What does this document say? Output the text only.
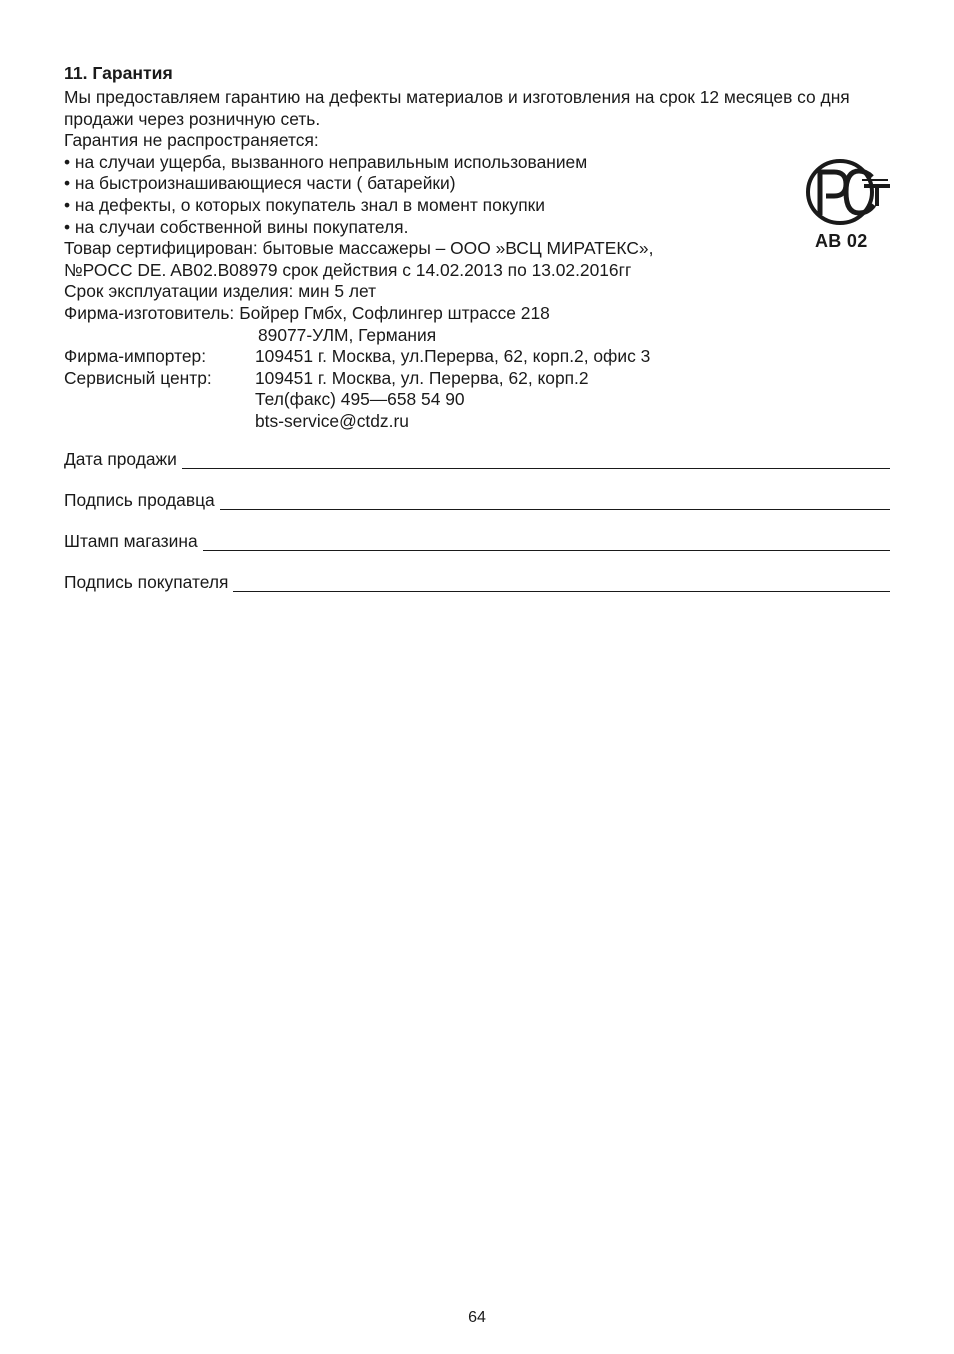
11. Гарантия
Мы предоставляем гарантию на дефекты материалов и изготовления на срок 12 месяцев со дня продажи через розничную сеть.
Гарантия не распространяется:
• на случаи ущерба, вызванного неправильным использованием
• на быстроизнашивающиеся части ( батарейки)
• на дефекты, о которых покупатель знал в момент покупки
• на случаи собственной вины покупателя.
Товар сертифицирован: бытовые массажеры – ООО »ВСЦ МИРАТЕКС»,
№РОСС DE. AB02.B08979 срок действия с 14.02.2013 по 13.02.2016гг
Срок эксплуатации изделия: мин 5 лет
Фирма-изготовитель: Бойрер Гмбх, Софлингер штрассе 218
89077-УЛМ, Германия
Фирма-импортер:	109451 г. Москва, ул.Перерва, 62, корп.2, офис 3
Сервисный центр:	109451 г. Москва, ул. Перерва, 62, корп.2
Тел(факс) 495—658 54 90
bts-service@ctdz.ru
Дата продажи
Подпись продавца
Штамп магазина
Подпись покупателя
AB 02
64
